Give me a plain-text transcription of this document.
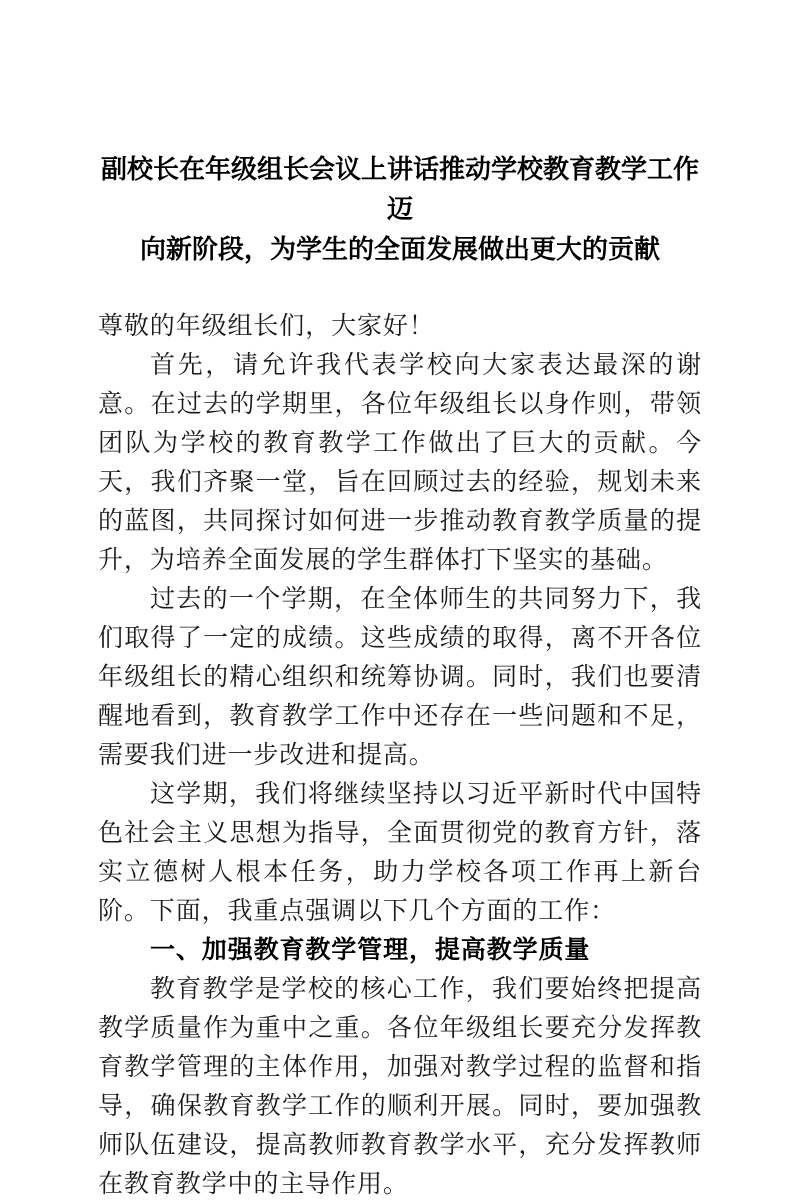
副校长在年级组长会议上讲话推动学校教育教学工作迈
向新阶段，为学生的全面发展做出更大的贡献

尊敬的年级组长们，大家好！

首先，请允许我代表学校向大家表达最深的谢意。在过去的学期里，各位年级组长以身作则，带领团队为学校的教育教学工作做出了巨大的贡献。今天，我们齐聚一堂，旨在回顾过去的经验，规划未来的蓝图，共同探讨如何进一步推动教育教学质量的提升，为培养全面发展的学生群体打下坚实的基础。

过去的一个学期，在全体师生的共同努力下，我们取得了一定的成绩。这些成绩的取得，离不开各位年级组长的精心组织和统筹协调。同时，我们也要清醒地看到，教育教学工作中还存在一些问题和不足，需要我们进一步改进和提高。

这学期，我们将继续坚持以习近平新时代中国特色社会主义思想为指导，全面贯彻党的教育方针，落实立德树人根本任务，助力学校各项工作再上新台阶。下面，我重点强调以下几个方面的工作：

一、加强教育教学管理，提高教学质量

教育教学是学校的核心工作，我们要始终把提高教学质量作为重中之重。各位年级组长要充分发挥教育教学管理的主体作用，加强对教学过程的监督和指导，确保教育教学工作的顺利开展。同时，要加强教师队伍建设，提高教师教育教学水平，充分发挥教师在教育教学中的主导作用。
